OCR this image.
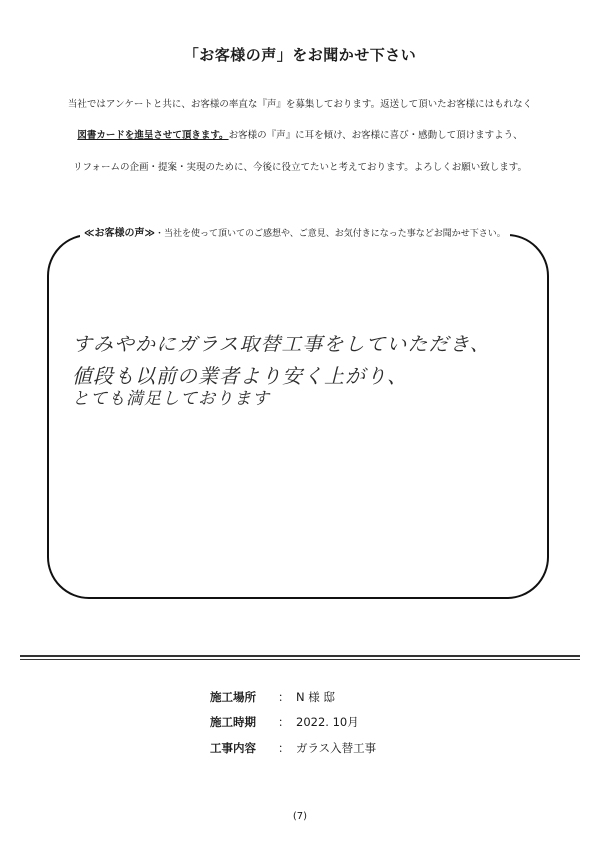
「お客様の声」をお聞かせ下さい
当社ではアンケートと共に、お客様の率直な『声』を募集しております。返送して頂いたお客様にはもれなく
図書カードを進呈させて頂きます。お客様の『声』に耳を傾け、お客様に喜び・感動して頂けますよう、
リフォームの企画・提案・実現のために、今後に役立てたいと考えております。よろしくお願い致します。
≪お客様の声≫・当社を使って頂いてのご感想や、ご意見、お気付きになった事などお聞かせ下さい。
すみやかにガラス取替工事をしていただき、
値段も以前の業者より安く上がり、
とても満足しております
施工場所 ： N 様 邸
施工時期 ： 2022. 10月
工事内容 ： ガラス入替工事
(7)
